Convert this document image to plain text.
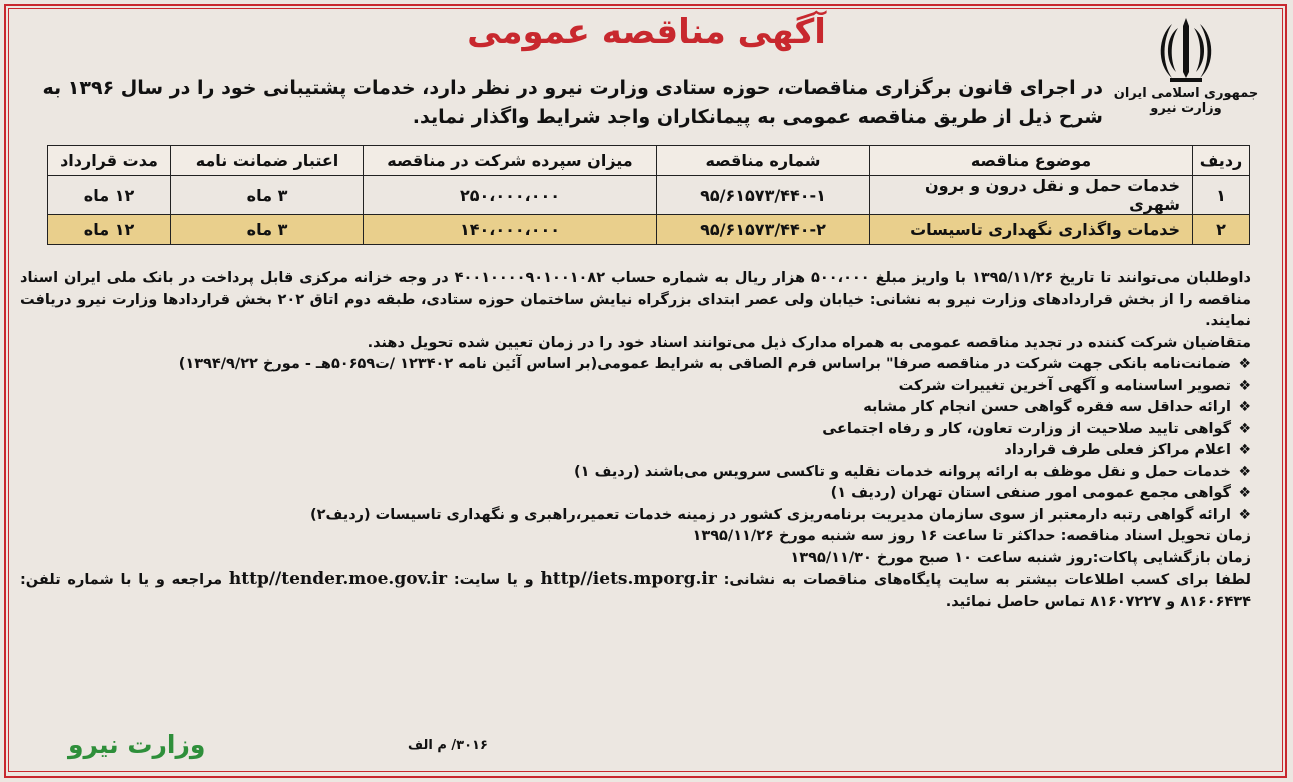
آگهی مناقصه عمومی
جمهوری اسلامی ایران
وزارت نیرو
در اجرای قانون برگزاری مناقصات، حوزه ستادی وزارت نیرو در نظر دارد، خدمات پشتیبانی خود را در سال ۱۳۹۶ به شرح ذیل از طریق مناقصه عمومی به پیمانکاران واجد شرایط واگذار نماید.
ردیف	موضوع مناقصه	شماره مناقصه	میزان سپرده شرکت در مناقصه	اعتبار ضمانت نامه	مدت قرارداد
۱	خدمات حمل و نقل درون و برون شهری	۹۵/۶۱۵۷۳/۴۴۰-۱	۲۵۰،۰۰۰،۰۰۰	۳ ماه	۱۲ ماه
۲	خدمات واگذاری نگهداری تاسیسات	۹۵/۶۱۵۷۳/۴۴۰-۲	۱۴۰،۰۰۰،۰۰۰	۳ ماه	۱۲ ماه

داوطلبان می‌توانند تا تاریخ ۱۳۹۵/۱۱/۲۶ با واریز مبلغ ۵۰۰،۰۰۰ هزار ریال به شماره حساب ۴۰۰۱۰۰۰۰۹۰۱۰۰۱۰۸۲ در وجه خزانه مرکزی قابل پرداخت در بانک ملی ایران اسناد مناقصه را از بخش قراردادهای وزارت نیرو به نشانی: خیابان ولی عصر ابتدای بزرگراه نیایش ساختمان حوزه ستادی، طبقه دوم اتاق ۲۰۲ بخش قراردادها وزارت نیرو دریافت نمایند.

متقاضیان شرکت کننده در تجدید مناقصه عمومی به همراه مدارک ذیل می‌توانند اسناد خود را در زمان تعیین شده تحویل دهند.

❖
ضمانت‌نامه بانکی جهت شرکت در مناقصه صرفا" براساس فرم الصاقی به شرایط عمومی(بر اساس آئین نامه ۱۲۳۴۰۲ /ت۵۰۶۵۹هـ - مورخ ۱۳۹۴/۹/۲۲)
❖
تصویر اساسنامه و آگهی آخرین تغییرات شرکت
❖
ارائه حداقل سه فقره گواهی حسن انجام کار مشابه
❖
گواهی تایید صلاحیت از وزارت تعاون، کار و رفاه اجتماعی
❖
اعلام مراکز فعلی طرف قرارداد
❖
خدمات حمل و نقل موظف به ارائه پروانه خدمات نقلیه و تاکسی سرویس می‌باشند (ردیف ۱)
❖
گواهی مجمع عمومی امور صنفی استان تهران (ردیف ۱)
❖
ارائه گواهی رتبه دارمعتبر از سوی سازمان مدیریت برنامه‌ریزی کشور در زمینه خدمات تعمیر،راهبری و نگهداری تاسیسات (ردیف۲)

زمان تحویل اسناد مناقصه: حداکثر تا ساعت ۱۶ روز سه شنبه مورخ ۱۳۹۵/۱۱/۲۶

زمان بازگشایی پاکات:روز شنبه ساعت ۱۰ صبح مورخ ۱۳۹۵/۱۱/۳۰

لطفا برای کسب اطلاعات بیشتر به سایت پایگاه‌های مناقصات به نشانی: http//iets.mporg.ir و یا سایت: http//tender.moe.gov.ir مراجعه و یا با شماره تلفن: ۸۱۶۰۶۴۳۴ و ۸۱۶۰۷۲۲۷ تماس حاصل نمائید.

وزارت نیرو	۳۰۱۶/ م الف
